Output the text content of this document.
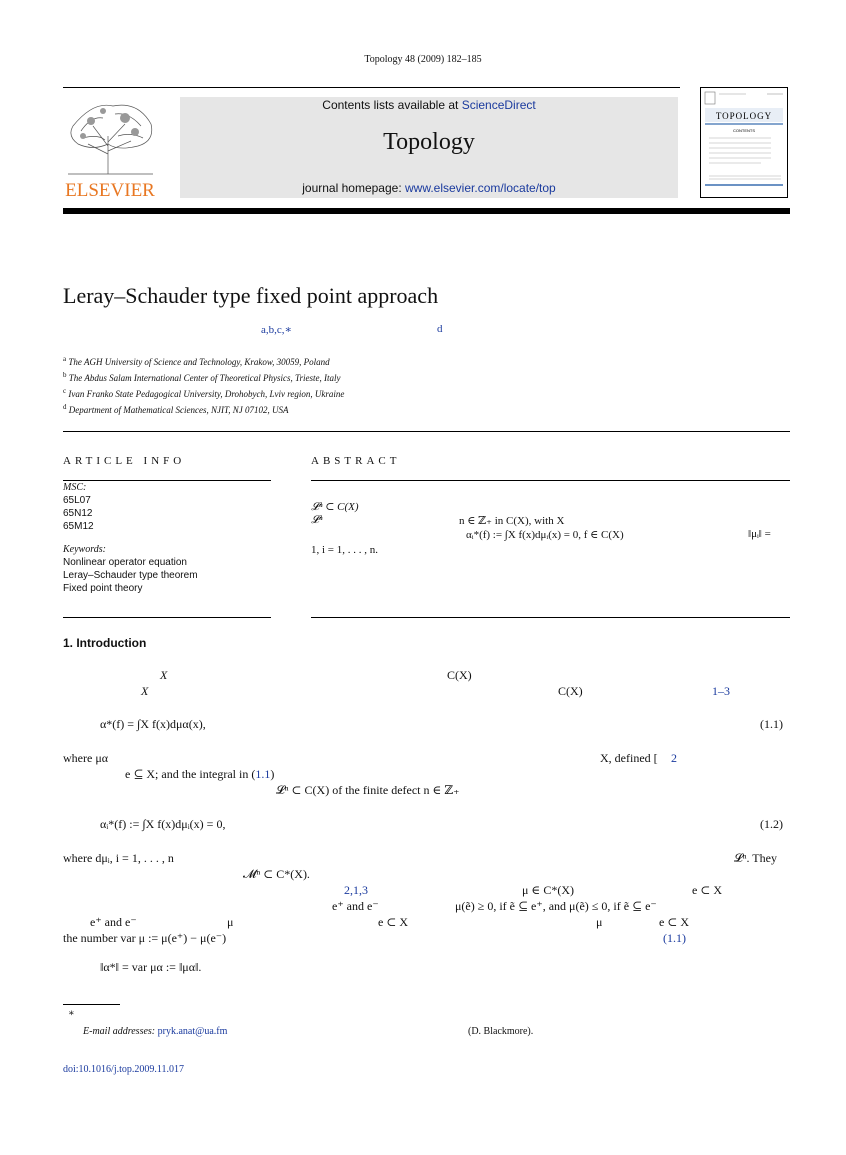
Topology 48 (2009) 182–185
ELSEVIER
Contents lists available at ScienceDirect
Topology
journal homepage: www.elsevier.com/locate/top
TOPOLOGY
CONTENTS
Leray–Schauder type fixed point approach
a,b,c,∗	d
$^a$ The AGH University of Science and Technology, Krakow, 30059, Poland
$^b$ The Abdus Salam International Center of Theoretical Physics, Trieste, Italy
$^c$ Ivan Franko State Pedagogical University, Drohobych, Lviv region, Ukraine
$^d$ Department of Mathematical Sciences, NJIT, NJ 07102, USA
ARTICLE INFO	ABSTRACT
MSC:
65L07
65N12
65M12
Keywords:
Nonlinear operator equation
Leray–Schauder type theorem
Fixed point theory
𝓛ⁿ ⊂ C(X)
𝓛ⁿ	n ∈ ℤ₊ in C(X), with X
αᵢ*(f) := ∫X f(x)dμᵢ(x) = 0, f ∈ C(X)	‖μᵢ‖ =
1, i = 1, . . . , n.
1. Introduction
X	C(X)
X	C(X)	1–3
α*(f) = ∫X f(x)dμα(x),	(1.1)
where μα	X, defined [ 2
e ⊆ X; and the integral in (1.1)
𝓛ⁿ ⊂ C(X) of the finite defect n ∈ ℤ₊
αᵢ*(f) := ∫X f(x)dμᵢ(x) = 0,	(1.2)
where dμᵢ, i = 1, . . . , n	𝓛ⁿ. They
𝓜ⁿ ⊂ C*(X).
2,1,3	μ ∈ C*(X)	e ⊂ X
e⁺ and e⁻	μ(ẽ) ≥ 0, if ẽ ⊆ e⁺, and μ(ẽ) ≤ 0, if ẽ ⊆ e⁻
e⁺ and e⁻	μ	e ⊂ X	μ	e ⊂ X
the number var μ := μ(e⁺) − μ(e⁻)	(1.1)
‖α*‖ = var μα := ‖μα‖.
∗
E-mail addresses: pryk.anat@ua.fm	(D. Blackmore).
doi:10.1016/j.top.2009.11.017
